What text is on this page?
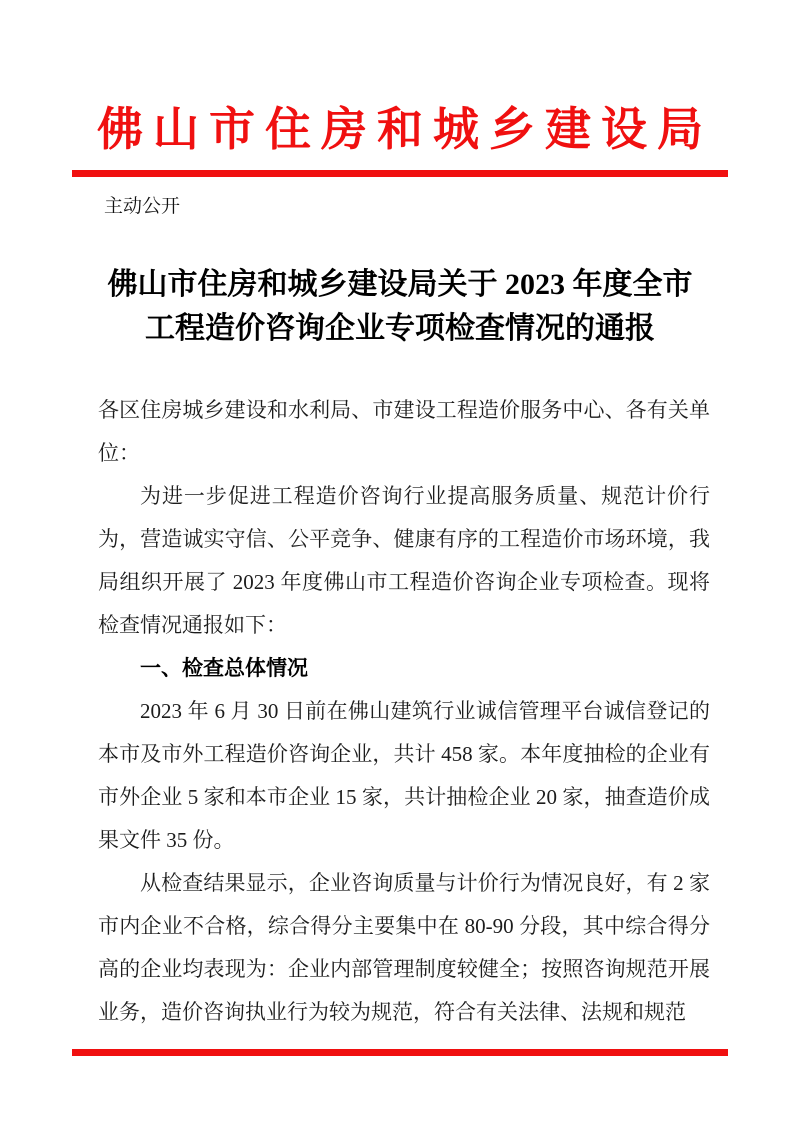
佛山市住房和城乡建设局
主动公开
佛山市住房和城乡建设局关于 2023 年度全市
工程造价咨询企业专项检查情况的通报

各区住房城乡建设和水利局、市建设工程造价服务中心、各有关单位：

为进一步促进工程造价咨询行业提高服务质量、规范计价行为，营造诚实守信、公平竞争、健康有序的工程造价市场环境，我局组织开展了 2023 年度佛山市工程造价咨询企业专项检查。现将检查情况通报如下：

一、检查总体情况

2023 年 6 月 30 日前在佛山建筑行业诚信管理平台诚信登记的本市及市外工程造价咨询企业，共计 458 家。本年度抽检的企业有市外企业 5 家和本市企业 15 家，共计抽检企业 20 家，抽查造价成果文件 35 份。

从检查结果显示，企业咨询质量与计价行为情况良好，有 2 家市内企业不合格，综合得分主要集中在 80-90 分段，其中综合得分高的企业均表现为：企业内部管理制度较健全；按照咨询规范开展业务，造价咨询执业行为较为规范，符合有关法律、法规和规范
